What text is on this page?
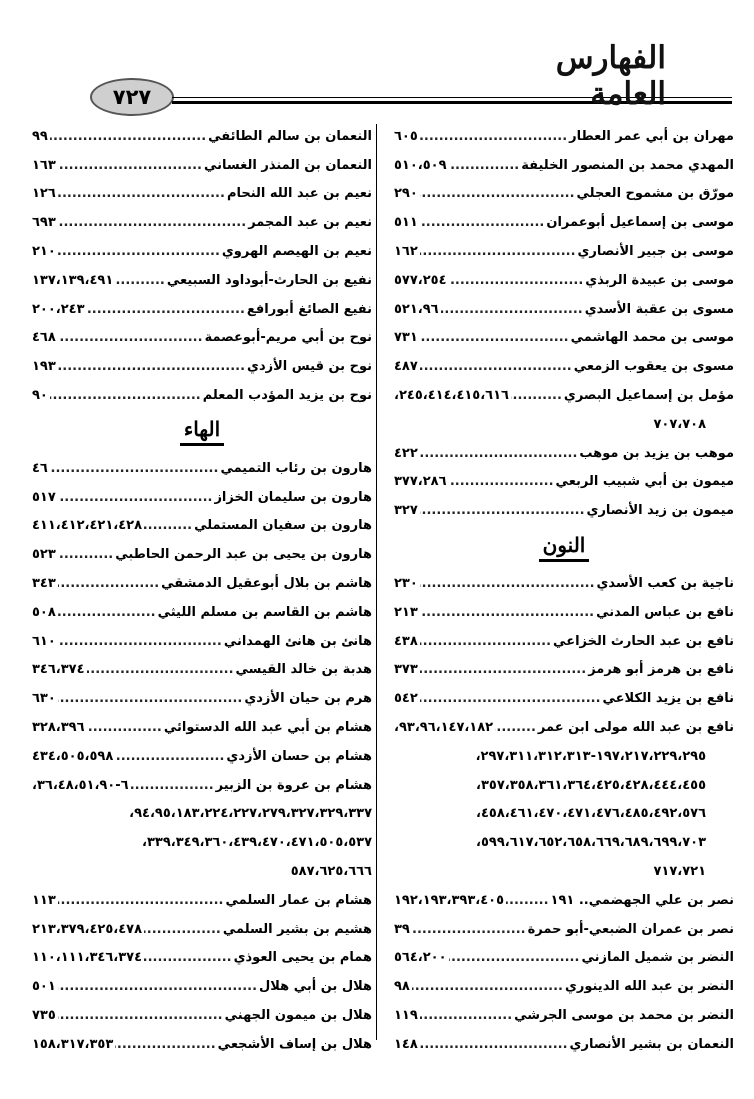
٧٢٧
الفهارس العامة
مهران بن أبي عمر العطار
.....
٦٠٥
المهدي محمد بن المنصور الخليفة
.....
٥١٠،٥٠٩
مورّق بن مشموح العجلي
.....
٢٩٠
موسى بن إسماعيل أبوعمران
.....
٥١١
موسى بن جبير الأنصاري
.....
١٦٢
موسى بن عبيدة الربذي
.....
٥٧٧،٢٥٤
مسوى بن عقبة الأسدي
.....
٥٢١،٩٦
موسى بن محمد الهاشمي
.....
٧٣١
مسوى بن يعقوب الزمعي
.....
٤٨٧
مؤمل بن إسماعيل البصري
.....
٢٤٥،٤١٤،٤١٥،٦١٦،
٧٠٧،٧٠٨
موهب بن يزيد بن موهب
.....
٤٢٢
ميمون بن أبي شبيب الربعي
.....
٣٧٧،٢٨٦
ميمون بن زيد الأنصاري
.....
٣٢٧
النون
ناجية بن كعب الأسدي
.....
٢٣٠
نافع بن عباس المدني
.....
٢١٣
نافع بن عبد الحارث الخزاعي
.....
٤٣٨
نافع بن هرمز أبو هرمز
.....
٣٧٣
نافع بن يزيد الكلاعي
.....
٥٤٢
نافع بن عبد الله مولى ابن عمر
.....
٩٣،٩٦،١٤٧،١٨٢،
١٩٧،٢١٧،٢٢٩،٢٩٥-٢٩٧،٣١١،٣١٢،٣١٣،
٣٥٧،٣٥٨،٣٦١،٣٦٤،٤٢٥،٤٢٨،٤٤٤،٤٥٥،
٤٥٨،٤٦١،٤٧٠،٤٧١،٤٧٦،٤٨٥،٤٩٢،٥٧٦،
٥٩٩،٦١٧،٦٥٢،٦٥٨،٦٦٩،٦٨٩،٦٩٩،٧٠٣،
٧١٧،٧٢١
نصر بن علي الجهضمي.. ١٩١
.....
١٩٢،١٩٣،٣٩٣،٤٠٥
نصر بن عمران الضبعي-أبو حمرة
.....
٣٩
النضر بن شميل المازني
.....
٥٦٤،٢٠٠
النضر بن عبد الله الدينوري
.....
٩٨
النضر بن محمد بن موسى الجرشي
.....
١١٩
النعمان بن بشير الأنصاري
.....
١٤٨
النعمان بن سالم الطائفي
.....
٩٩
النعمان بن المنذر الغساني
.....
١٦٣
نعيم بن عبد الله النحام
.....
١٢٦
نعيم بن عبد المجمر
.....
٦٩٣
نعيم بن الهيصم الهروي
.....
٢١٠
نفيع بن الحارث-أبوداود السبيعي
.....
١٣٧،١٣٩،٤٩١
نفيع الصائغ أبورافع
.....
٢٠٠،٢٤٣
نوح بن أبي مريم-أبوعصمة
.....
٤٦٨
نوح بن قيس الأزدي
.....
١٩٣
نوح بن يزيد المؤدب المعلم
.....
٩٠
الهاء
هارون بن رئاب التميمي
.....
٤٦
هارون بن سليمان الخزاز
.....
٥١٧
هارون بن سفيان المستملي
.....
٤١١،٤١٢،٤٢١،٤٢٨
هارون بن يحيى بن عبد الرحمن الحاطبي
.....
٥٢٣
هاشم بن بلال أبوعقيل الدمشقي
.....
٣٤٣
هاشم بن القاسم بن مسلم الليثي
.....
٥٠٨
هانئ بن هانئ الهمداني
.....
٦١٠
هدبة بن خالد القيسي
.....
٣٤٦،٣٧٤
هرم بن حيان الأزدي
.....
٦٣٠
هشام بن أبي عبد الله الدستوائي
.....
٣٢٨،٣٩٦
هشام بن حسان الأزدي
.....
٤٣٤،٥٠٥،٥٩٨
هشام بن عروة بن الزبير
.....
٦-٣٦،٤٨،٥١،٩٠،
٩٤،٩٥،١٨٣،٢٢٤،٢٢٧،٢٧٩،٣٢٧،٣٢٩،٣٣٧،
٣٣٩،٣٤٩،٣٦٠،٤٣٩،٤٧٠،٤٧١،٥٠٥،٥٣٧،
٥٨٧،٦٢٥،٦٦٦
هشام بن عمار السلمي
.....
١١٣
هشيم بن بشير السلمي
.....
٢١٣،٣٧٩،٤٢٥،٤٧٨
همام بن يحيى العوذي
.....
١١٠،١١١،٣٤٦،٣٧٤
هلال بن أبي هلال
.....
٥٠١
هلال بن ميمون الجهني
.....
٧٣٥
هلال بن إساف الأشجعي
.....
١٥٨،٣١٧،٣٥٣
